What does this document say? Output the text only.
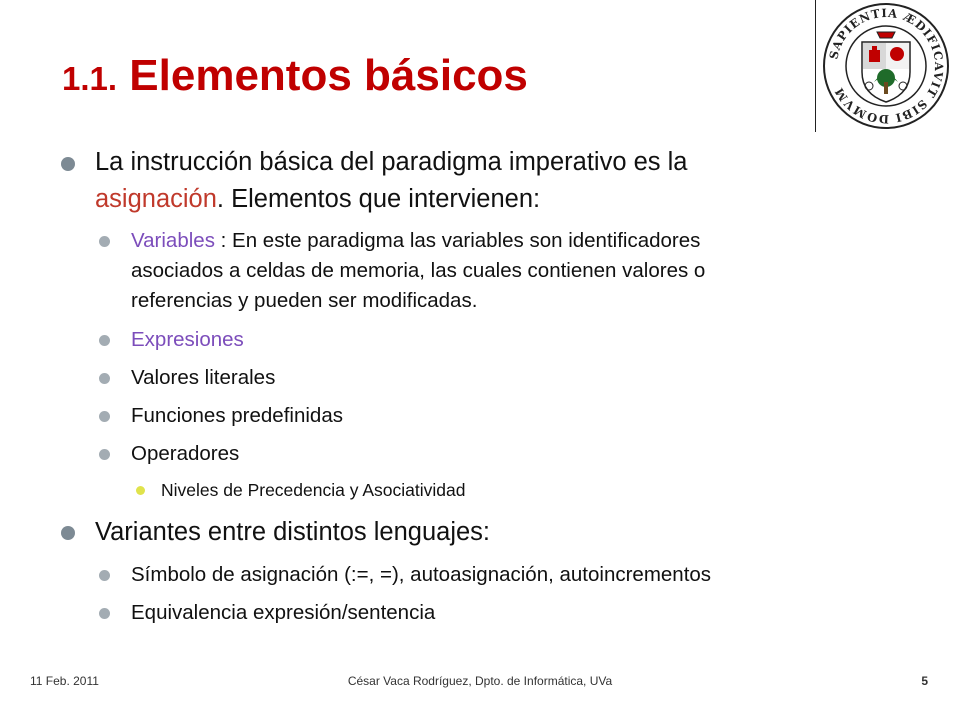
1.1. Elementos básicos	SAPIENTIA ÆDIFICAVIT SIBI DOMVM
La instrucción básica del paradigma imperativo es la
asignación. Elementos que intervienen:
Variables : En este paradigma las variables son identificadores
asociados a celdas de memoria, las cuales contienen valores o
referencias y pueden ser modificadas.
Expresiones
Valores literales
Funciones predefinidas
Operadores
Niveles de Precedencia y Asociatividad
Variantes entre distintos lenguajes:
Símbolo de asignación (:=, =), autoasignación, autoincrementos
Equivalencia expresión/sentencia
11 Feb. 2011	César Vaca Rodríguez, Dpto. de Informática, UVa	5
